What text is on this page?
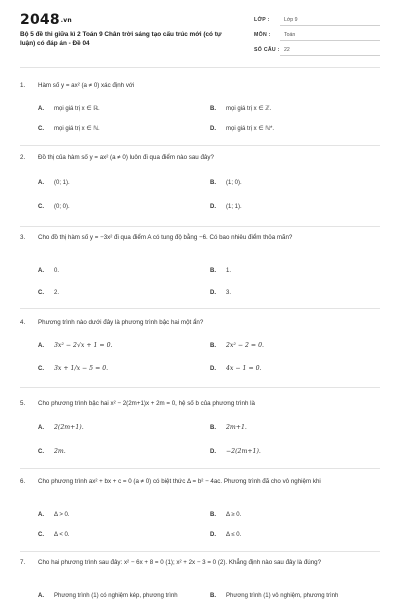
2048.vn
Bộ 5 đề thi giữa kì 2 Toán 9 Chân trời sáng tạo cấu trúc mới (có tự luận) có đáp án - Đề 04
LỚP :	Lớp 9
MÔN :	Toán
SỐ CÂU : 22
1. Hàm số y = ax² (a ≠ 0) xác định với
A. mọi giá trị x ∈ ℝ.	B. mọi giá trị x ∈ ℤ.
C. mọi giá trị x ∈ ℕ.	D. mọi giá trị x ∈ ℕ*.
2. Đồ thị của hàm số y = ax² (a ≠ 0) luôn đi qua điểm nào sau đây?
A. (0; 1).	B. (1; 0).
C. (0; 0).	D. (1; 1).
3. Cho đồ thị hàm số y = −3x² đi qua điểm A có tung độ bằng −6. Có bao nhiêu điểm thỏa mãn?
A. 0.	B. 1.
C. 2.	D. 3.
4. Phương trình nào dưới đây là phương trình bậc hai một ẩn?
A. 3x² − 2√x + 1 = 0.	B. 2x² − 2 = 0.
C. 3x + 1/x − 5 = 0.	D. 4x − 1 = 0.
5. Cho phương trình bậc hai x² − 2(2m+1)x + 2m = 0, hệ số b của phương trình là
A. 2(2m+1).	B. 2m+1.
C. 2m.	D. −2(2m+1).
6. Cho phương trình ax² + bx + c = 0 (a ≠ 0) có biệt thức Δ = b² − 4ac. Phương trình đã cho vô nghiệm khi
A. Δ > 0.	B. Δ ≥ 0.
C. Δ < 0.	D. Δ ≤ 0.
7. Cho hai phương trình sau đây: x² − 6x + 8 = 0 (1); x² + 2x − 3 = 0 (2). Khẳng định nào sau đây là đúng?
A. Phương trình (1) có nghiệm kép, phương trình	B. Phương trình (1) vô nghiệm, phương trình
